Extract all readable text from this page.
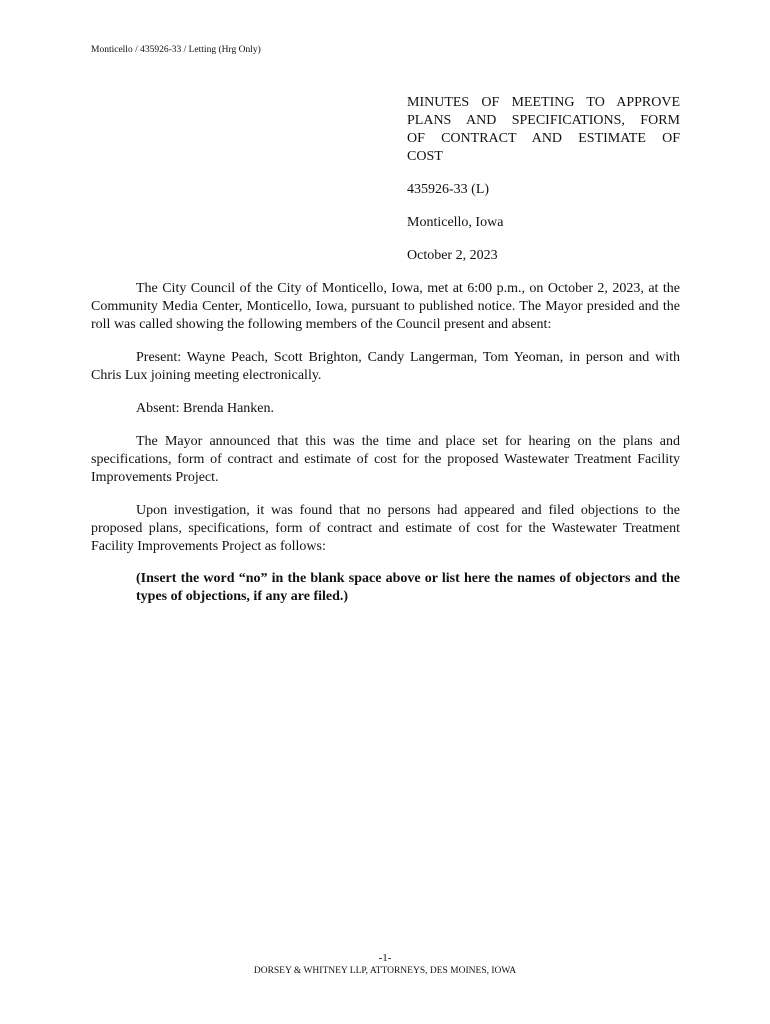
Monticello / 435926-33 / Letting (Hrg Only)

MINUTES OF MEETING TO APPROVE
PLANS AND SPECIFICATIONS, FORM
OF CONTRACT AND ESTIMATE OF
COST

435926-33 (L)

Monticello, Iowa

October 2, 2023

The City Council of the City of Monticello, Iowa, met at 6:00 p.m., on October 2, 2023, at the Community Media Center, Monticello, Iowa, pursuant to published notice. The Mayor presided and the roll was called showing the following members of the Council present and absent:

Present: Wayne Peach, Scott Brighton, Candy Langerman, Tom Yeoman, in person and with Chris Lux joining meeting electronically.

Absent: Brenda Hanken.

The Mayor announced that this was the time and place set for hearing on the plans and specifications, form of contract and estimate of cost for the proposed Wastewater Treatment Facility Improvements Project.

Upon investigation, it was found that no persons had appeared and filed objections to the proposed plans, specifications, form of contract and estimate of cost for the Wastewater Treatment Facility Improvements Project as follows:

(Insert the word “no” in the blank space above or list here the names of objectors and the types of objections, if any are filed.)

-1-
DORSEY & WHITNEY LLP, ATTORNEYS, DES MOINES, IOWA
